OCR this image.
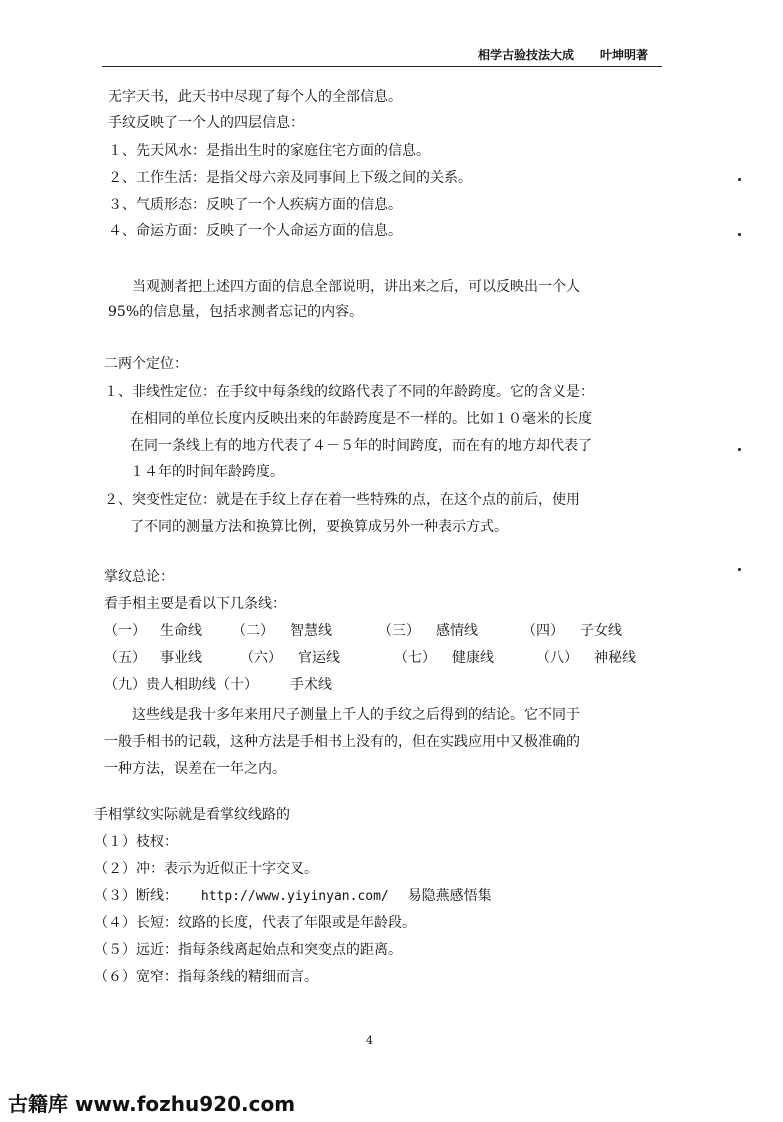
相学古验技法大成 叶坤明著
无字天书，此天书中尽现了每个人的全部信息。
手纹反映了一个人的四层信息：
１、先天风水：是指出生时的家庭住宅方面的信息。
２、工作生活：是指父母六亲及同事间上下级之间的关系。
３、气质形态：反映了一个人疾病方面的信息。
４、命运方面：反映了一个人命运方面的信息。
当观测者把上述四方面的信息全部说明，讲出来之后，可以反映出一个人
95%的信息量，包括求测者忘记的内容。
二两个定位：
１、非线性定位：在手纹中每条线的纹路代表了不同的年龄跨度。它的含义是：
在相同的单位长度内反映出来的年龄跨度是不一样的。比如１０毫米的长度
在同一条线上有的地方代表了４－５年的时间跨度，而在有的地方却代表了
１４年的时间年龄跨度。
２、突变性定位：就是在手纹上存在着一些特殊的点，在这个点的前后，使用
了不同的测量方法和换算比例，要换算成另外一种表示方式。
掌纹总论：
看手相主要是看以下几条线：
（一） 生命线 （二） 智慧线	（三） 感情线	（四） 子女线
（五） 事业线	（六） 官运线	（七） 健康线	（八） 神秘线
（九）贵人相助线（十） 手术线
这些线是我十多年来用尺子测量上千人的手纹之后得到的结论。它不同于
一般手相书的记载，这种方法是手相书上没有的，但在实践应用中又极准确的
一种方法，误差在一年之内。
手相掌纹实际就是看掌纹线路的
（１）枝杈：
（２）冲：表示为近似正十字交叉。
（３）断线： http://www.yiyinyan.com/ 易隐燕感悟集
（４）长短：纹路的长度，代表了年限或是年龄段。
（５）远近：指每条线离起始点和突变点的距离。
（６）宽窄：指每条线的精细而言。
4
古籍库 www.fozhu920.com
